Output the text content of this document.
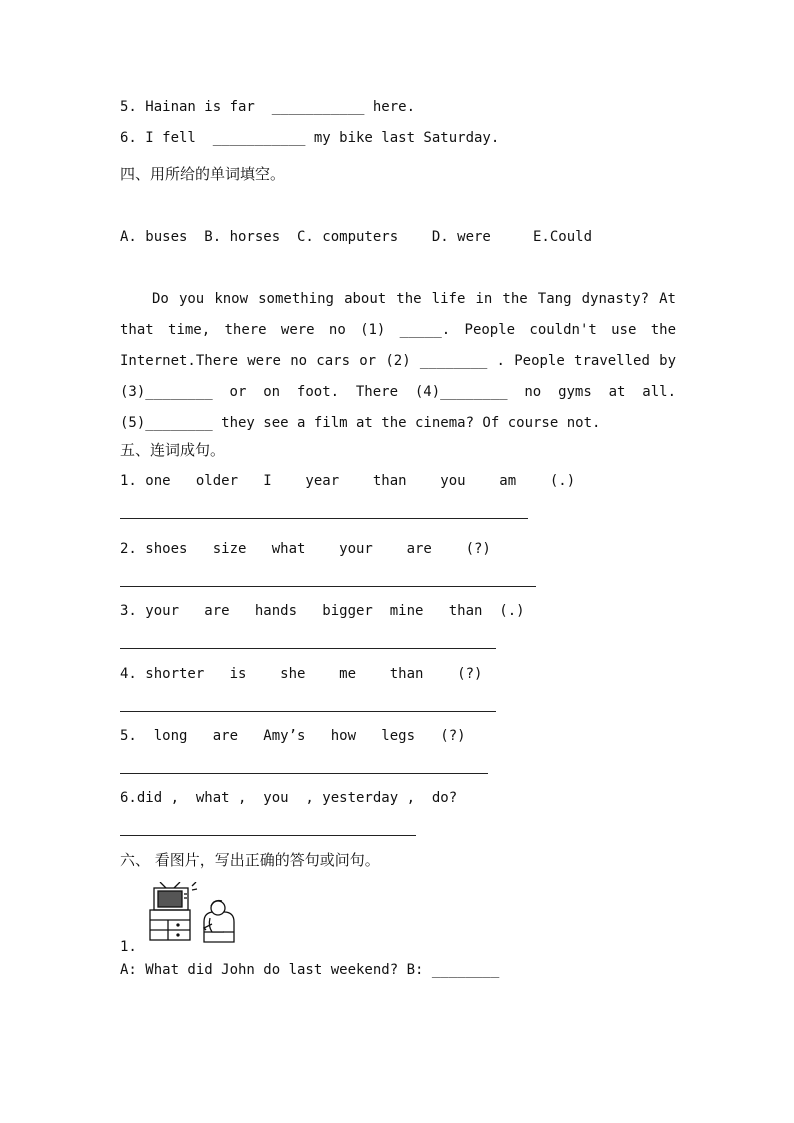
5. Hainan is far  ___________ here.
6. I fell  ___________ my bike last Saturday.
四、用所给的单词填空。
A. buses  B. horses  C. computers    D. were     E.Could
Do you know something about the life in the Tang dynasty? At that time, there were no (1) _____. People couldn't use the Internet.There were no cars or (2) ________ . People travelled by (3)________ or on foot. There (4)________ no gyms at all.(5)________ they see a film at the cinema? Of course not.
五、连词成句。
1. one   older   I    year    than    you    am    (.)
2. shoes   size   what    your    are    (?)
3. your   are   hands   bigger  mine   than  (.)
4. shorter   is    she    me    than    (?)
5.  long   are   Amy’s   how   legs   (?)
6.did ,  what ,  you  , yesterday ,  do?
六、 看图片，写出正确的答句或问句。
1.
A: What did John do last weekend? B: ________
